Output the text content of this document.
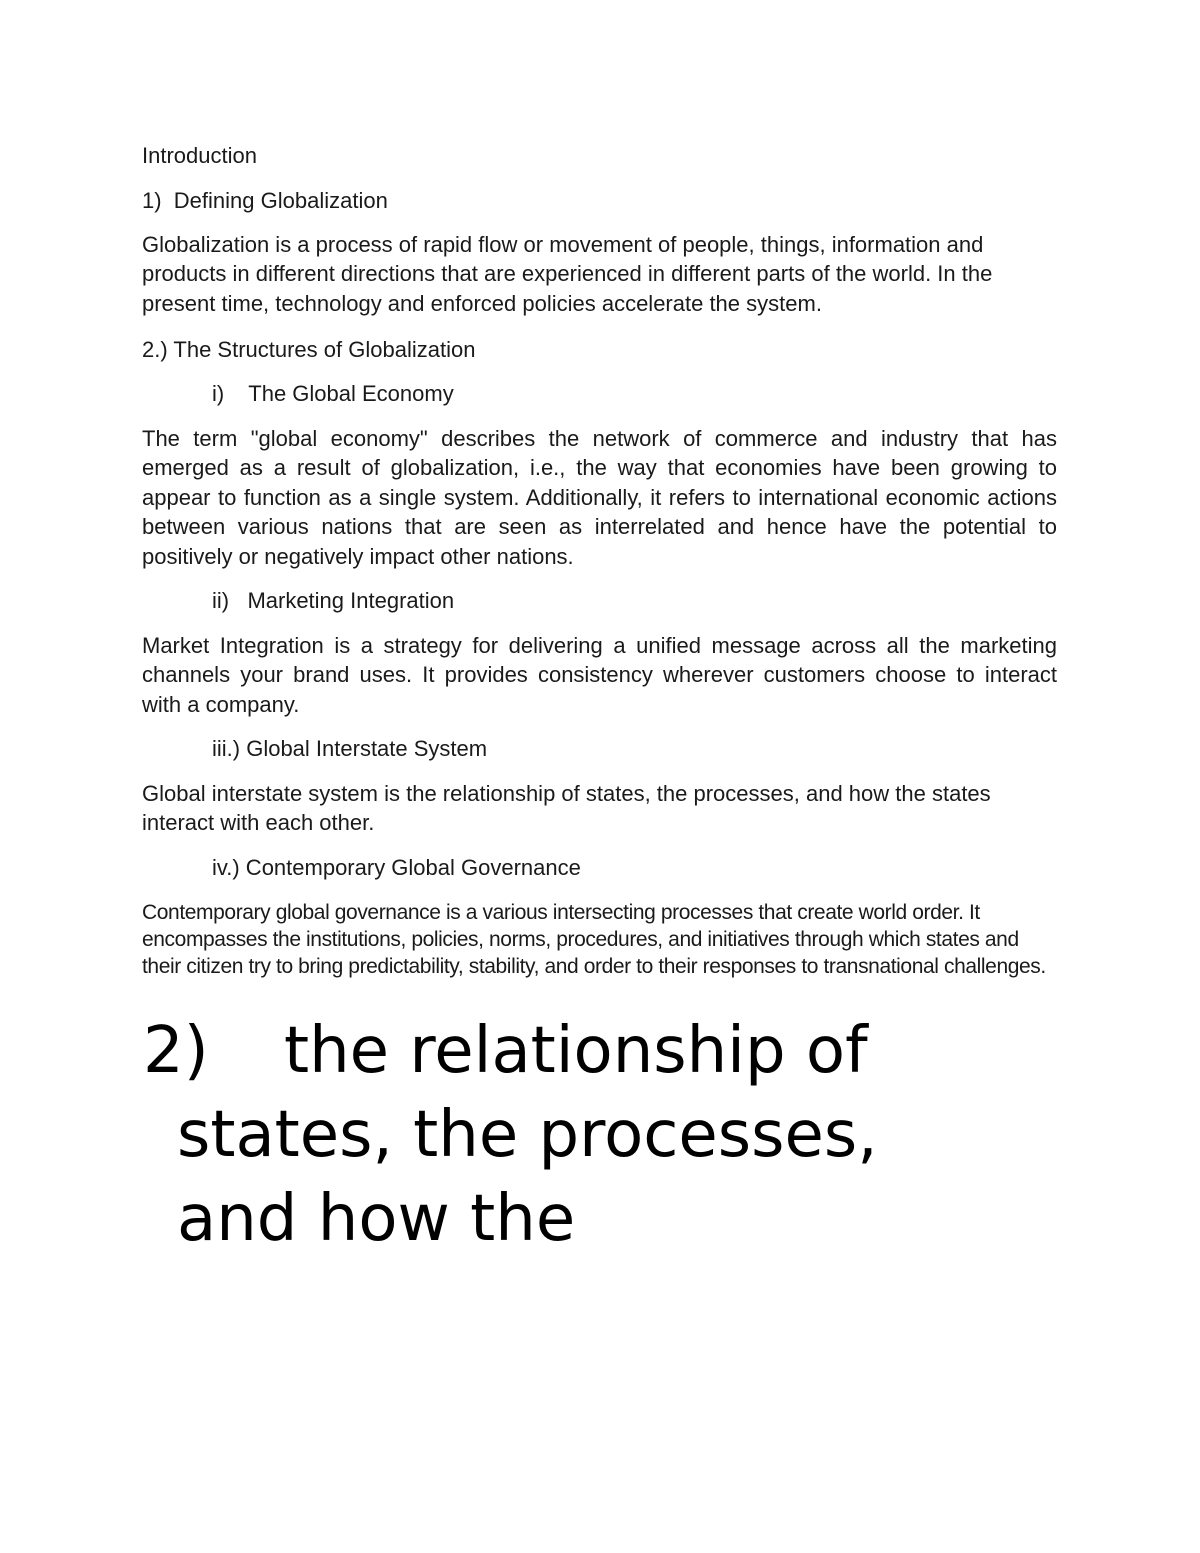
Introduction

1)  Defining Globalization

Globalization is a process of rapid flow or movement of people, things, information and products in different directions that are experienced in different parts of the world. In the present time, technology and enforced policies accelerate the system.

2.) The Structures of Globalization

i)    The Global Economy

The term "global economy" describes the network of commerce and industry that has emerged as a result of globalization, i.e., the way that economies have been growing to appear to function as a single system. Additionally, it refers to international economic actions between various nations that are seen as interrelated and hence have the potential to positively or negatively impact other nations.

ii)   Marketing Integration

Market Integration is a strategy for delivering a unified message across all the marketing channels your brand uses. It provides consistency wherever customers choose to interact with a company.

iii.) Global Interstate System

Global interstate system is the relationship of states, the processes, and how the states interact with each other.

iv.) Contemporary Global Governance

Contemporary global governance is a various intersecting processes that create world order. It encompasses the institutions, policies, norms, procedures, and initiatives through which states and their citizen try to bring predictability, stability, and order to their responses to transnational challenges.

2) the relationship of

states, the processes,

and how the
